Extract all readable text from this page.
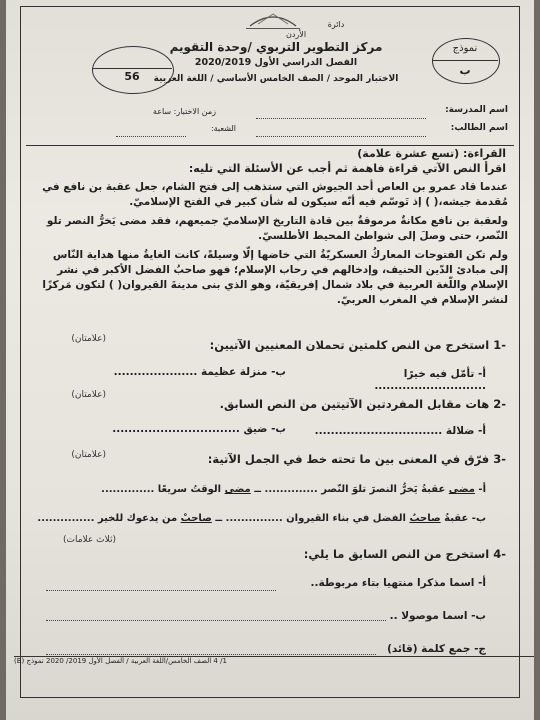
دائرة
الأردن
مركز التطوير التربوي /وحدة التقويم
الفصل الدراسي الأول 2020/2019
الاختبار الموحد / الصف الخامس الأساسي / اللغة العربية
نموذج
ب
56
اسم المدرسة:
زمن الاختبار: ساعة
اسم الطالب:
الشعبة:
القراءة: (تسع عشرة علامة)
اقرأ النص الآتي قراءة فاهمة ثم أجب عن الأسئلة التي تليه:
عندما قاد عمرو بن العاص أحد الجيوش التي ستذهب إلى فتح الشام، جعل عقبة بن نافع في مُقدمة جيشه،( ) إذ تَوسّم فيه أنّه سيكون له شأن كبير في الفتح الإسلاميّ.
ولعقبة بن نافع مكانةٌ مرموقةٌ بين قادة التاريخ الإسلاميّ جميعهم، فقد مضى يَخرُّ النصر تلو النّصر، حتى وصلَ إلى شواطئ المحيط الأطلسيّ.
ولم تكن الفتوحات المعاركُ العسكريّةُ التي خاضها إلّا وسيلةً، كانت الغايةُ منها هداية النّاس إلى مبادئ الدّين الحنيف، وإدخالهم في رحاب الإسلام؛ فهو صاحبُ الفضل الأكبر في نشر الإسلام واللّغة العربية في بلاد شمال إفريقيّة، وهو الذي بنى مدينةَ القيروان( ) لتكون مَركزًا لنشر الإسلام في المغرب العربيّ.
-1 استخرج من النص كلمتين تحملان المعنيين الآتيين:
(علامتان)
أ- تأمّل فيه خيرًا ............................
ب- منزلة عظيمة .....................
-2 هات مقابل المفردتين الآتيتين من النص السابق.
(علامتان)
أ- ضلالة ................................
ب- ضيق ................................
-3 فرّق في المعنى بين ما تحته خط في الجمل الآتية:
(علامتان)
أ- مضى عقبةُ يَخرُّ النصرَ تلوَ النّصر .............. ــ مضى الوقتُ سريعًا ..............
ب- عقبةُ صاحبُ الفضل في بناء القيروان ............... ــ صاحبْ من يدعوك للخير ...............
-4 استخرج من النص السابق ما يلي:
(ثلاث علامات)
أ- اسما مذكرا منتهيا بتاء مربوطة..
ب- اسما موصولا ..
ج- جمع كلمة (قائد)
1/ 4 الصف الخامس/اللغة العربية / الفصل الأول 2019/ 2020 نموذج (B)
